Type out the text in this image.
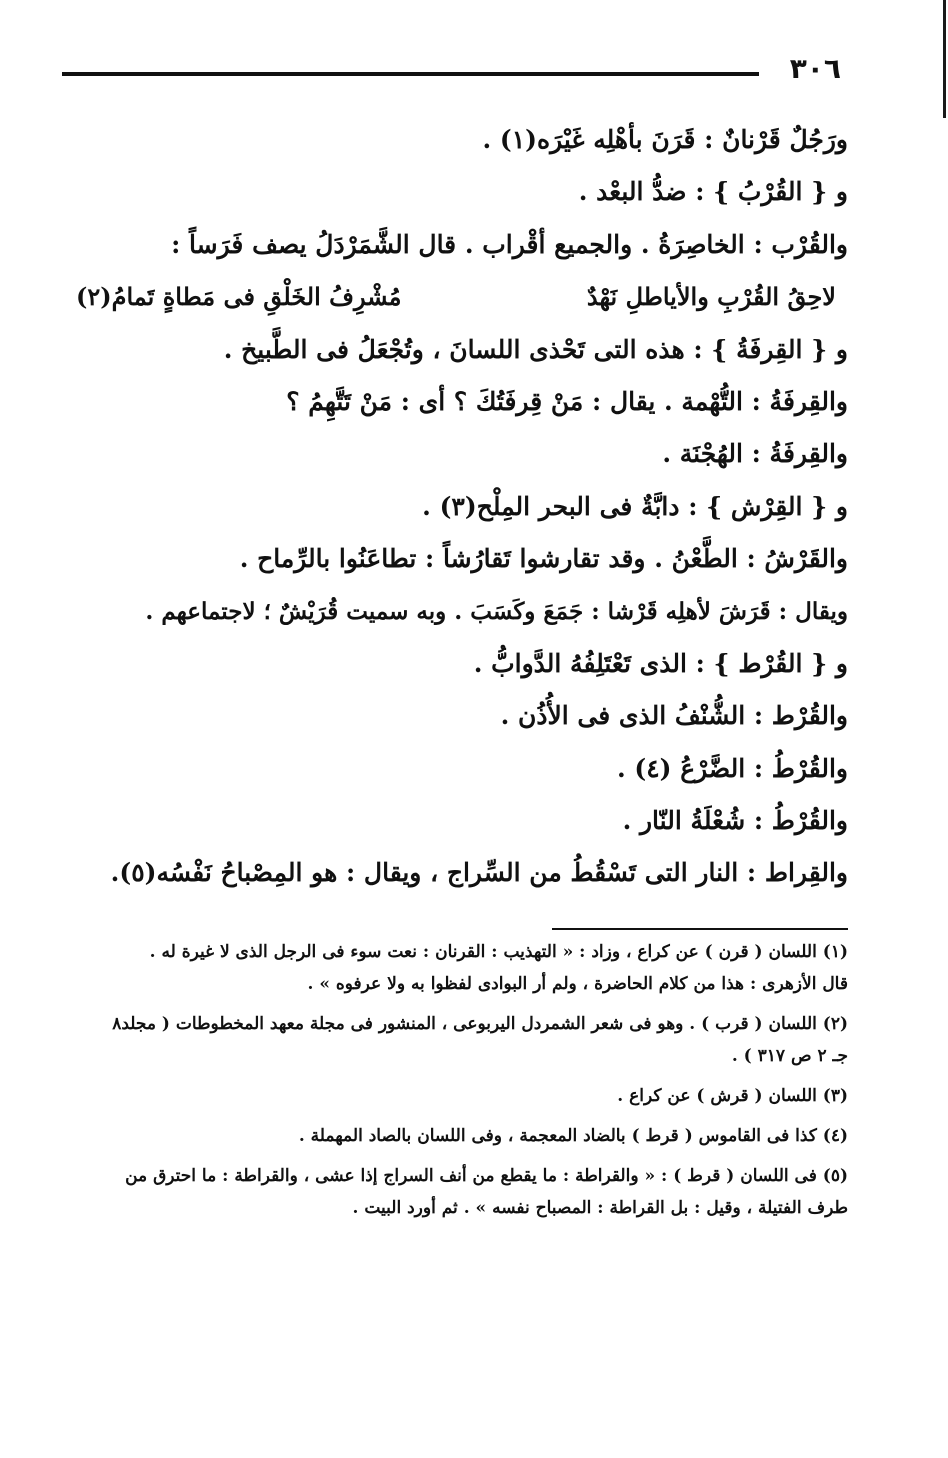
٣٠٦
ورَجُلٌ قَرْنانٌ : قَرَنَ بأهْلِه غَيْرَه(١) .
و { القُرْبُ } : ضدُّ البعْد .
والقُرْب : الخاصِرَةُ . والجميع أقْراب . قال الشَّمَرْدَلُ يصف فَرَساً :
لاحِقُ القُرْبِ والأياطلِ نَهْدٌ
مُشْرِفُ الخَلْقِ فى مَطاةٍ تَمامُ(٢)
و { القِرفَةُ } : هذه التى تَحْذى اللسانَ ، وتُجْعَلُ فى الطَّبيخ .
والقِرفَةُ : التُّهْمة . يقال : مَنْ قِرفَتُكَ ؟ أى : مَنْ تَتَّهِمُ ؟
والقِرفَةُ : الهُجْنَة .
و { القِرْش } : دابَّةٌ فى البحر المِلْح(٣) .
والقَرْشُ : الطَّعْنُ . وقد تقارشوا تَقارُشاً : تطاعَنُوا بالرِّماح .
ويقال : قَرَشَ لأهلِه قَرْشا : جَمَعَ وكَسَبَ . وبه سميت قُرَيْشٌ ؛ لاجتماعهم .
و { القُرْط } : الذى تَعْتَلِفُهُ الدَّوابُّ .
والقُرْط : الشُّنْفُ الذى فى الأُذُن .
والقُرْطُ : الضَّرْعُ (٤) .
والقُرْطُ : شُعْلَةُ النّار .
والقِراط : النار التى تَسْقُطُ من السِّراج ، ويقال : هو المِصْباحُ نَفْسُه(٥).
(١) اللسان ( قرن ) عن كراع ، وزاد : « التهذيب : القرنان : نعت سوء فى الرجل الذى لا غيرة له .
قال الأزهرى : هذا من كلام الحاضرة ، ولم أر البوادى لفظوا به ولا عرفوه » .
(٢) اللسان ( قرب ) . وهو فى شعر الشمردل اليربوعى ، المنشور فى مجلة معهد المخطوطات ( مجلد٨
جـ ٢ ص ٣١٧ ) .
(٣) اللسان ( قرش ) عن كراع .
(٤) كذا فى القاموس ( قرط ) بالضاد المعجمة ، وفى اللسان بالصاد المهملة .
(٥) فى اللسان ( قرط ) : « والقراطة : ما يقطع من أنف السراج إذا عشى ، والقراطة : ما احترق من
طرف الفتيلة ، وقيل : بل القراطة : المصباح نفسه » . ثم أورد البيت .
